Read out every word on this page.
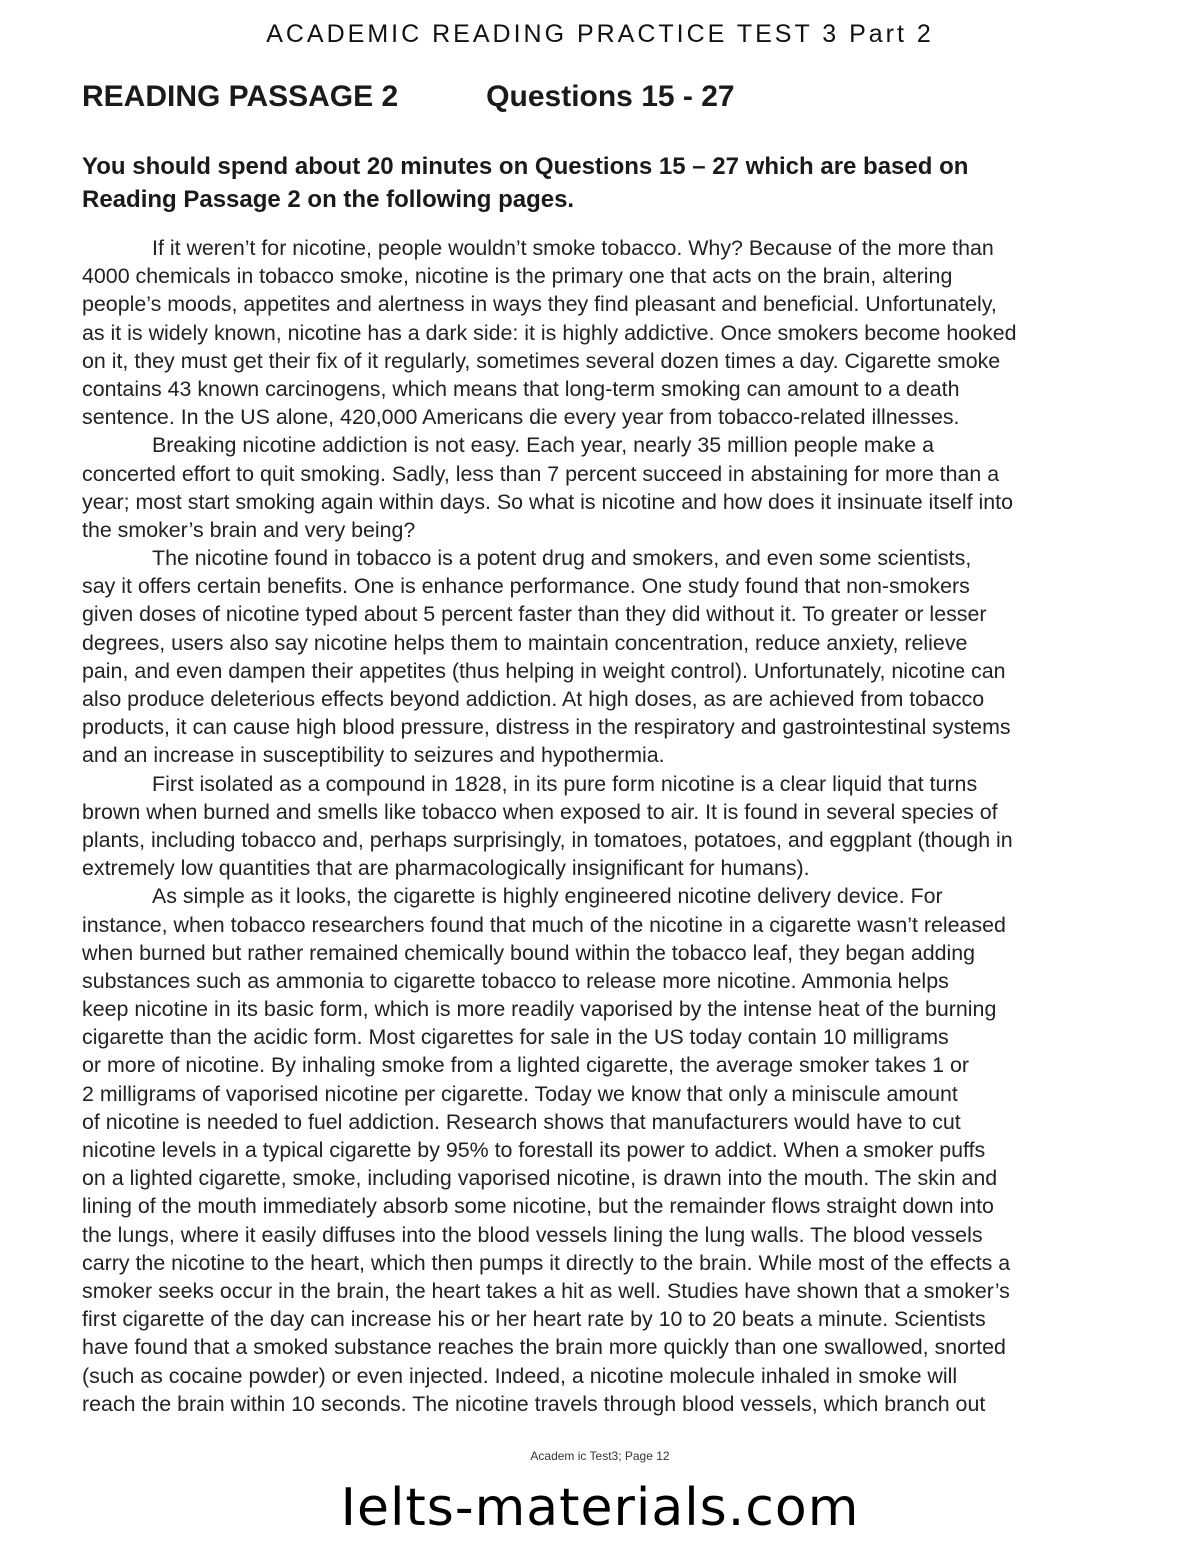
ACADEMIC READING PRACTICE TEST 3 Part 2
READING PASSAGE 2	Questions 15 - 27
You should spend about 20 minutes on Questions 15 – 27 which are based on
Reading Passage 2 on the following pages.
If it weren’t for nicotine, people wouldn’t smoke tobacco. Why? Because of the more than
4000 chemicals in tobacco smoke, nicotine is the primary one that acts on the brain, altering
people’s moods, appetites and alertness in ways they find pleasant and beneficial. Unfortunately,
as it is widely known, nicotine has a dark side: it is highly addictive. Once smokers become hooked
on it, they must get their fix of it regularly, sometimes several dozen times a day. Cigarette smoke
contains 43 known carcinogens, which means that long-term smoking can amount to a death
sentence. In the US alone, 420,000 Americans die every year from tobacco-related illnesses.
Breaking nicotine addiction is not easy. Each year, nearly 35 million people make a
concerted effort to quit smoking. Sadly, less than 7 percent succeed in abstaining for more than a
year; most start smoking again within days. So what is nicotine and how does it insinuate itself into
the smoker’s brain and very being?
The nicotine found in tobacco is a potent drug and smokers, and even some scientists,
say it offers certain benefits. One is enhance performance. One study found that non-smokers
given doses of nicotine typed about 5 percent faster than they did without it. To greater or lesser
degrees, users also say nicotine helps them to maintain concentration, reduce anxiety, relieve
pain, and even dampen their appetites (thus helping in weight control). Unfortunately, nicotine can
also produce deleterious effects beyond addiction. At high doses, as are achieved from tobacco
products, it can cause high blood pressure, distress in the respiratory and gastrointestinal systems
and an increase in susceptibility to seizures and hypothermia.
First isolated as a compound in 1828, in its pure form nicotine is a clear liquid that turns
brown when burned and smells like tobacco when exposed to air. It is found in several species of
plants, including tobacco and, perhaps surprisingly, in tomatoes, potatoes, and eggplant (though in
extremely low quantities that are pharmacologically insignificant for humans).
As simple as it looks, the cigarette is highly engineered nicotine delivery device. For
instance, when tobacco researchers found that much of the nicotine in a cigarette wasn’t released
when burned but rather remained chemically bound within the tobacco leaf, they began adding
substances such as ammonia to cigarette tobacco to release more nicotine. Ammonia helps
keep nicotine in its basic form, which is more readily vaporised by the intense heat of the burning
cigarette than the acidic form. Most cigarettes for sale in the US today contain 10 milligrams
or more of nicotine. By inhaling smoke from a lighted cigarette, the average smoker takes 1 or
2 milligrams of vaporised nicotine per cigarette. Today we know that only a miniscule amount
of nicotine is needed to fuel addiction. Research shows that manufacturers would have to cut
nicotine levels in a typical cigarette by 95% to forestall its power to addict. When a smoker puffs
on a lighted cigarette, smoke, including vaporised nicotine, is drawn into the mouth. The skin and
lining of the mouth immediately absorb some nicotine, but the remainder flows straight down into
the lungs, where it easily diffuses into the blood vessels lining the lung walls. The blood vessels
carry the nicotine to the heart, which then pumps it directly to the brain. While most of the effects a
smoker seeks occur in the brain, the heart takes a hit as well. Studies have shown that a smoker’s
first cigarette of the day can increase his or her heart rate by 10 to 20 beats a minute. Scientists
have found that a smoked substance reaches the brain more quickly than one swallowed, snorted
(such as cocaine powder) or even injected. Indeed, a nicotine molecule inhaled in smoke will
reach the brain within 10 seconds. The nicotine travels through blood vessels, which branch out
Academ ic Test3; Page 12
Ielts-materials.com
